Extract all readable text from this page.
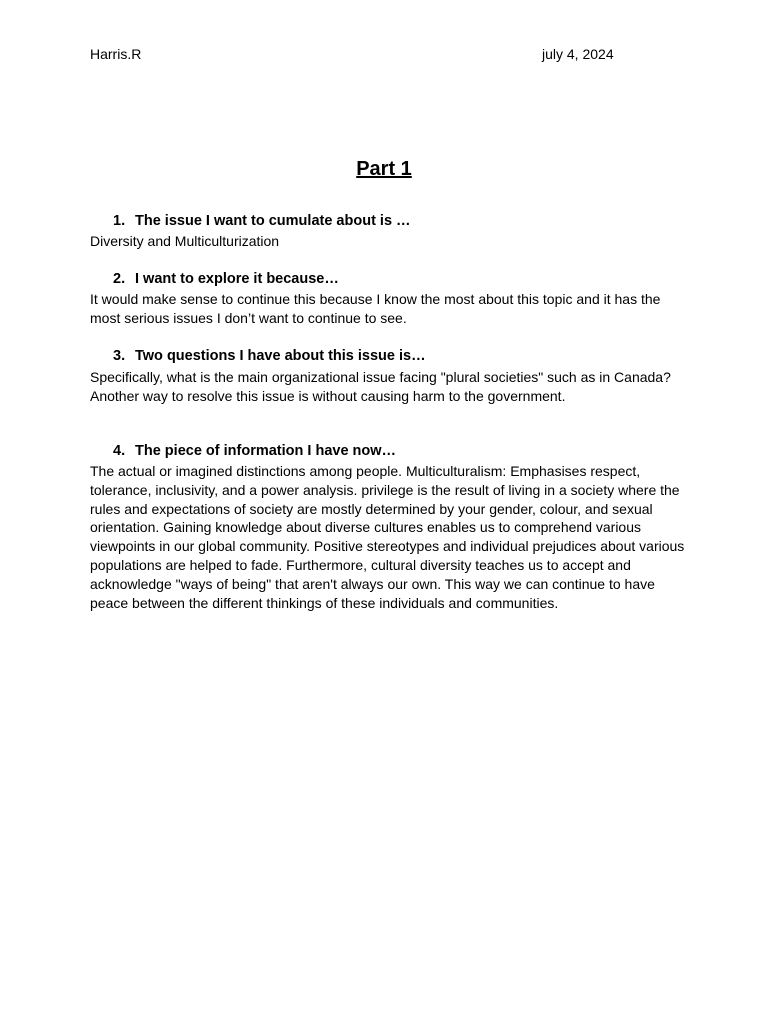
Harris.R	july 4, 2024
Part 1
1. The issue I want to cumulate about is …
Diversity and Multiculturization
2. I want to explore it because…
It would make sense to continue this because I know the most about this topic and it has the
most serious issues I don’t want to continue to see.
3. Two questions I have about this issue is…
Specifically, what is the main organizational issue facing "plural societies" such as in Canada?
Another way to resolve this issue is without causing harm to the government.
4. The piece of information I have now…
The actual or imagined distinctions among people. Multiculturalism: Emphasises respect,
tolerance, inclusivity, and a power analysis. privilege is the result of living in a society where the
rules and expectations of society are mostly determined by your gender, colour, and sexual
orientation. Gaining knowledge about diverse cultures enables us to comprehend various
viewpoints in our global community. Positive stereotypes and individual prejudices about various
populations are helped to fade. Furthermore, cultural diversity teaches us to accept and
acknowledge "ways of being" that aren't always our own. This way we can continue to have
peace between the different thinkings of these individuals and communities.
